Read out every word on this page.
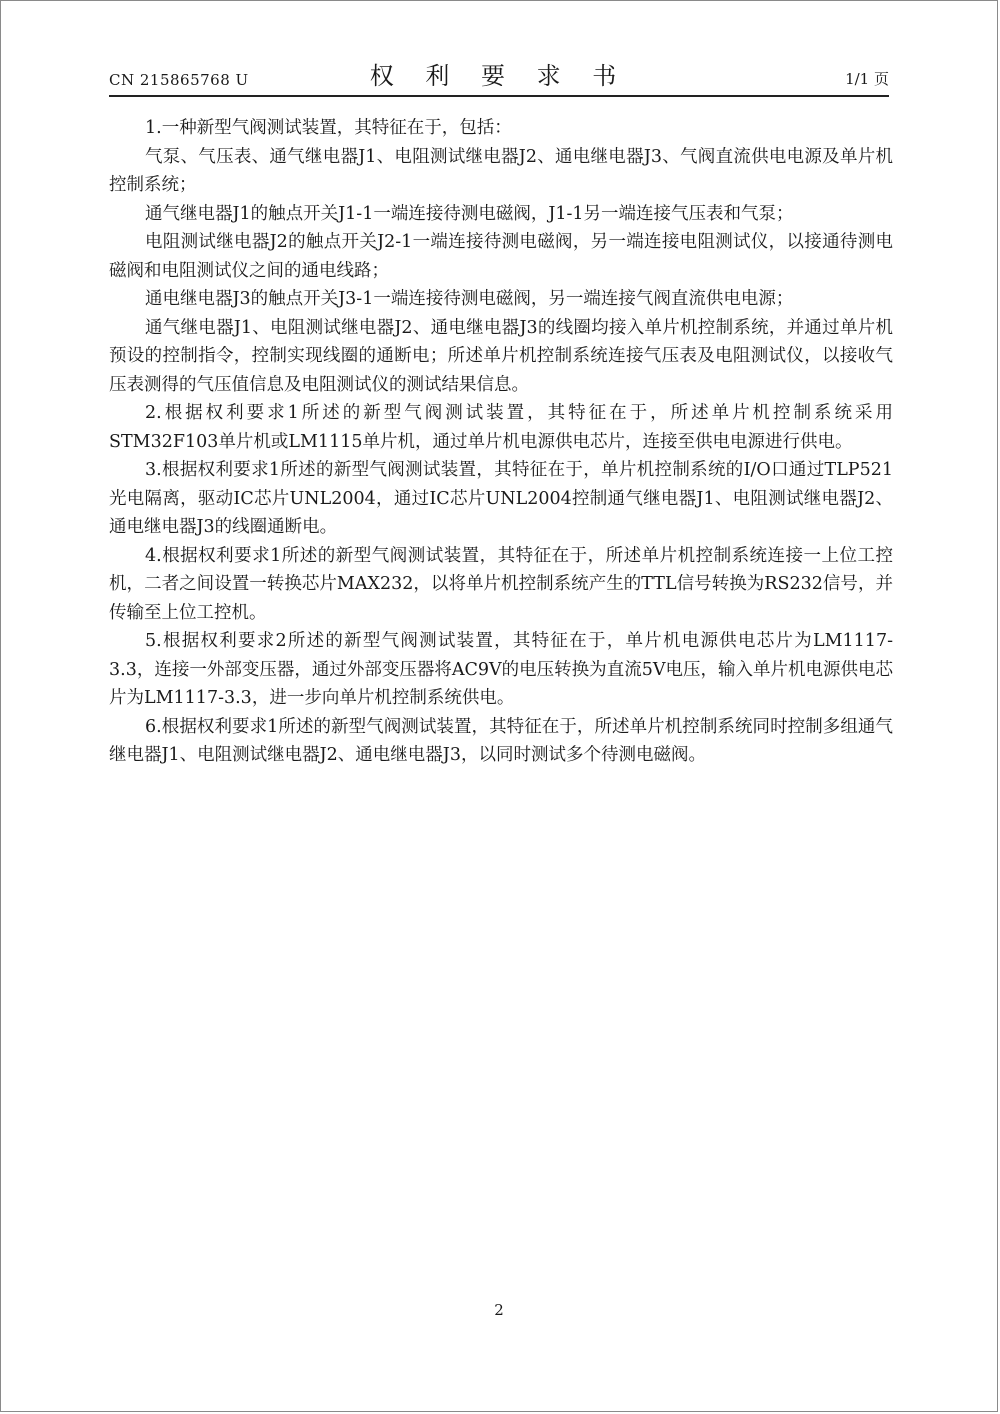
CN 215865768 U	权 利 要 求 书	1/1 页

1.一种新型气阀测试装置，其特征在于，包括：

气泵、气压表、通气继电器J1、电阻测试继电器J2、通电继电器J3、气阀直流供电电源及单片机控制系统；

通气继电器J1的触点开关J1-1一端连接待测电磁阀，J1-1另一端连接气压表和气泵；

电阻测试继电器J2的触点开关J2-1一端连接待测电磁阀，另一端连接电阻测试仪，以接通待测电磁阀和电阻测试仪之间的通电线路；

通电继电器J3的触点开关J3-1一端连接待测电磁阀，另一端连接气阀直流供电电源；

通气继电器J1、电阻测试继电器J2、通电继电器J3的线圈均接入单片机控制系统，并通过单片机预设的控制指令，控制实现线圈的通断电；所述单片机控制系统连接气压表及电阻测试仪，以接收气压表测得的气压值信息及电阻测试仪的测试结果信息。

2.根据权利要求1所述的新型气阀测试装置，其特征在于，所述单片机控制系统采用STM32F103单片机或LM1115单片机，通过单片机电源供电芯片，连接至供电电源进行供电。

3.根据权利要求1所述的新型气阀测试装置，其特征在于，单片机控制系统的I/O口通过TLP521光电隔离，驱动IC芯片UNL2004，通过IC芯片UNL2004控制通气继电器J1、电阻测试继电器J2、通电继电器J3的线圈通断电。

4.根据权利要求1所述的新型气阀测试装置，其特征在于，所述单片机控制系统连接一上位工控机，二者之间设置一转换芯片MAX232，以将单片机控制系统产生的TTL信号转换为RS232信号，并传输至上位工控机。

5.根据权利要求2所述的新型气阀测试装置，其特征在于，单片机电源供电芯片为LM1117-3.3，连接一外部变压器，通过外部变压器将AC9V的电压转换为直流5V电压，输入单片机电源供电芯片为LM1117-3.3，进一步向单片机控制系统供电。

6.根据权利要求1所述的新型气阀测试装置，其特征在于，所述单片机控制系统同时控制多组通气继电器J1、电阻测试继电器J2、通电继电器J3，以同时测试多个待测电磁阀。

2
